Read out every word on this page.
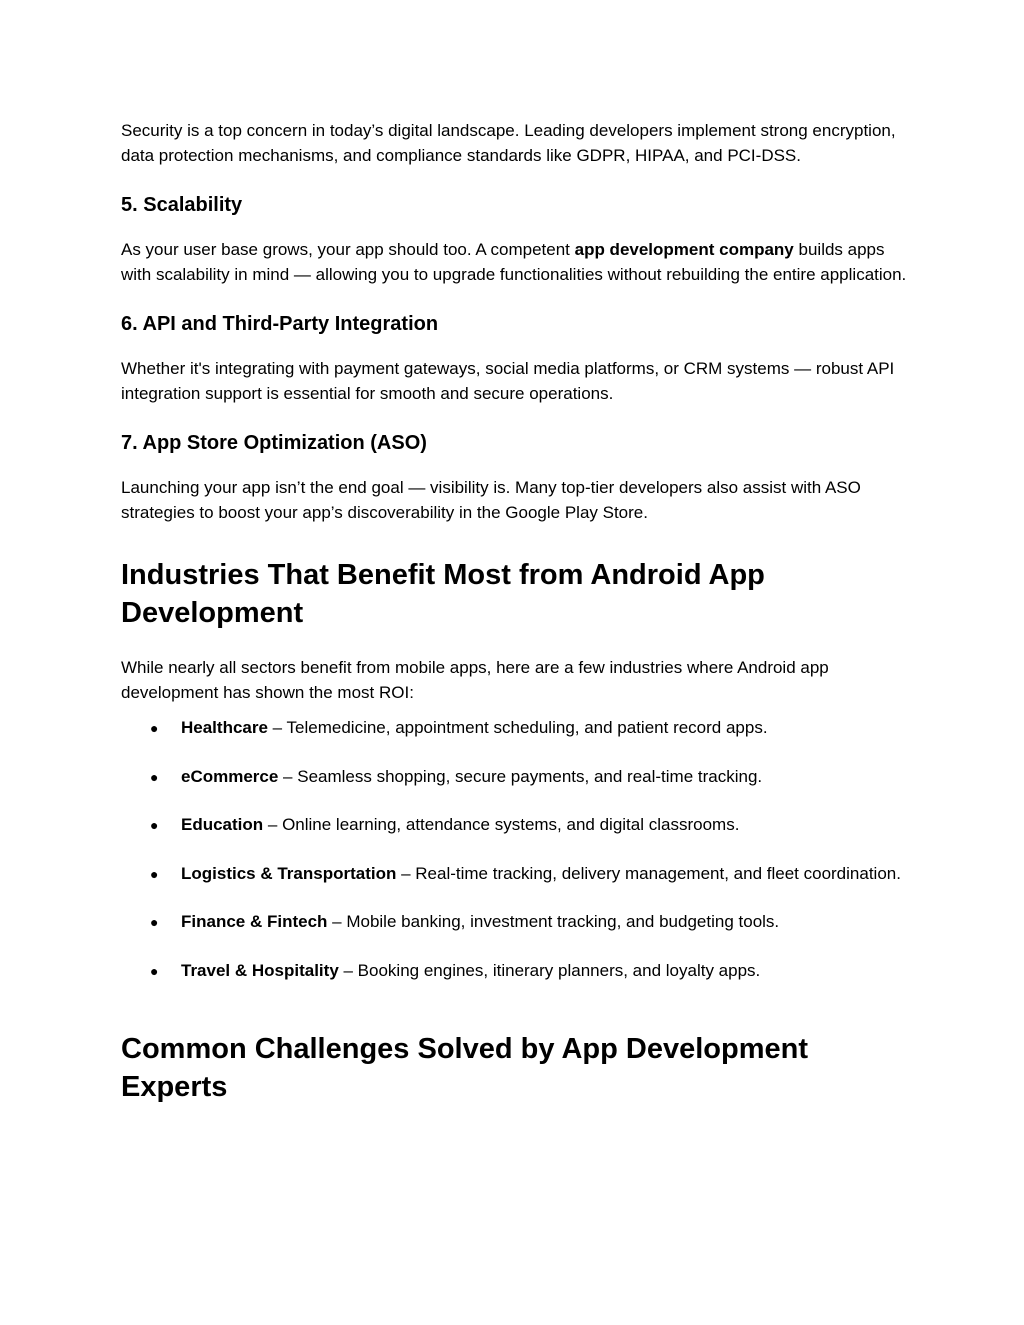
Security is a top concern in today’s digital landscape. Leading developers implement strong encryption, data protection mechanisms, and compliance standards like GDPR, HIPAA, and PCI-DSS.

5. Scalability

As your user base grows, your app should too. A competent app development company builds apps with scalability in mind — allowing you to upgrade functionalities without rebuilding the entire application.

6. API and Third-Party Integration

Whether it's integrating with payment gateways, social media platforms, or CRM systems — robust API integration support is essential for smooth and secure operations.

7. App Store Optimization (ASO)

Launching your app isn’t the end goal — visibility is. Many top-tier developers also assist with ASO strategies to boost your app’s discoverability in the Google Play Store.

Industries That Benefit Most from Android App Development

While nearly all sectors benefit from mobile apps, here are a few industries where Android app development has shown the most ROI:

● Healthcare – Telemedicine, appointment scheduling, and patient record apps.
● eCommerce – Seamless shopping, secure payments, and real-time tracking.
● Education – Online learning, attendance systems, and digital classrooms.
● Logistics & Transportation – Real-time tracking, delivery management, and fleet coordination.
● Finance & Fintech – Mobile banking, investment tracking, and budgeting tools.
● Travel & Hospitality – Booking engines, itinerary planners, and loyalty apps.
Common Challenges Solved by App Development Experts
